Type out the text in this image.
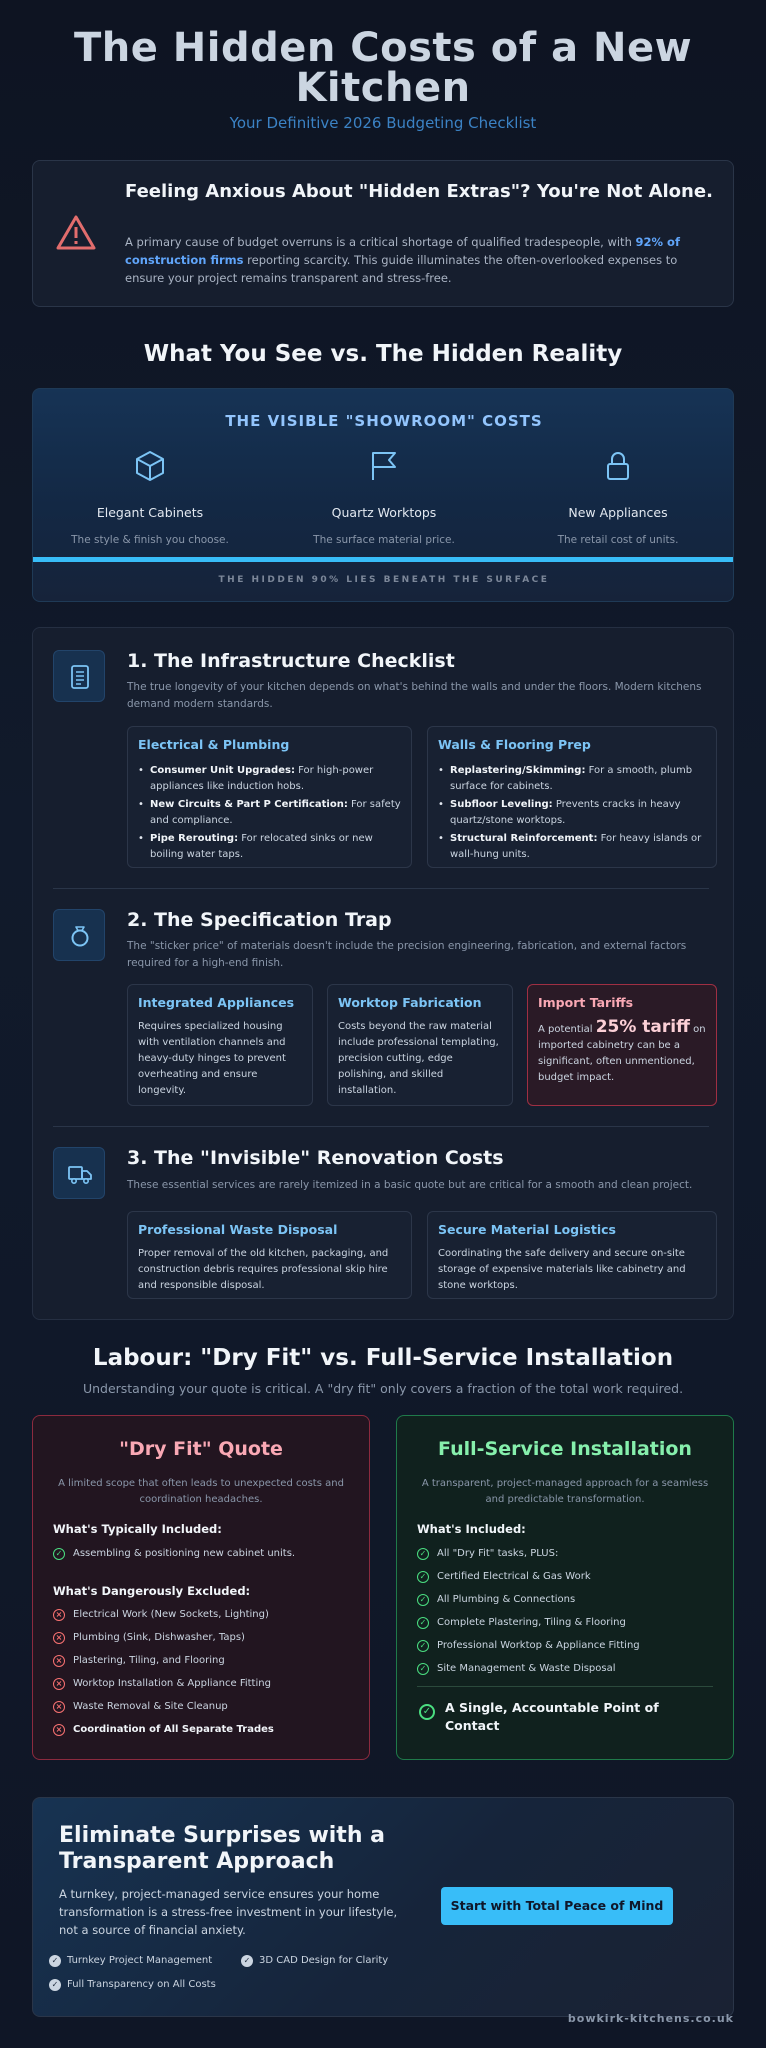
The Hidden Costs of a New
Kitchen
Your Definitive 2026 Budgeting Checklist
Feeling Anxious About "Hidden Extras"? You're Not Alone.

A primary cause of budget overruns is a critical shortage of qualified tradespeople, with 92% of construction firms reporting scarcity. This guide illuminates the often-overlooked expenses to ensure your project remains transparent and stress-free.

What You See vs. The Hidden Reality
THE VISIBLE "SHOWROOM" COSTS
Elegant Cabinets
The style & finish you choose.
Quartz Worktops
The surface material price.
New Appliances
The retail cost of units.
THE HIDDEN 90% LIES BENEATH THE SURFACE
1. The Infrastructure Checklist
The true longevity of your kitchen depends on what's behind the walls and under the floors. Modern kitchens demand modern standards.
Electrical & Plumbing
• Consumer Unit Upgrades: For high-power appliances like induction hobs.
• New Circuits & Part P Certification: For safety and compliance.
• Pipe Rerouting: For relocated sinks or new boiling water taps.
Walls & Flooring Prep
• Replastering/Skimming: For a smooth, plumb surface for cabinets.
• Subfloor Leveling: Prevents cracks in heavy quartz/stone worktops.
• Structural Reinforcement: For heavy islands or wall-hung units.
2. The Specification Trap
The "sticker price" of materials doesn't include the precision engineering, fabrication, and external factors required for a high-end finish.
Integrated Appliances

Requires specialized housing with ventilation channels and heavy-duty hinges to prevent overheating and ensure longevity.

Worktop Fabrication

Costs beyond the raw material include professional templating, precision cutting, edge polishing, and skilled installation.

Import Tariffs

A potential 25% tariff on imported cabinetry can be a significant, often unmentioned, budget impact.

3. The "Invisible" Renovation Costs
These essential services are rarely itemized in a basic quote but are critical for a smooth and clean project.
Professional Waste Disposal

Proper removal of the old kitchen, packaging, and construction debris requires professional skip hire and responsible disposal.

Secure Material Logistics

Coordinating the safe delivery and secure on-site storage of expensive materials like cabinetry and stone worktops.

Labour: "Dry Fit" vs. Full-Service Installation
Understanding your quote is critical. A "dry fit" only covers a fraction of the total work required.
"Dry Fit" Quote
A limited scope that often leads to unexpected costs and coordination headaches.
What's Typically Included:
✓ Assembling & positioning new cabinet units.
What's Dangerously Excluded:
× Electrical Work (New Sockets, Lighting)
× Plumbing (Sink, Dishwasher, Taps)
× Plastering, Tiling, and Flooring
× Worktop Installation & Appliance Fitting
× Waste Removal & Site Cleanup
× Coordination of All Separate Trades
Full-Service Installation
A transparent, project-managed approach for a seamless and predictable transformation.
What's Included:
✓ All "Dry Fit" tasks, PLUS:
✓ Certified Electrical & Gas Work
✓ All Plumbing & Connections
✓ Complete Plastering, Tiling & Flooring
✓ Professional Worktop & Appliance Fitting
✓ Site Management & Waste Disposal
✓	A Single, Accountable Point of Contact
Eliminate Surprises with a Transparent Approach

A turnkey, project-managed service ensures your home transformation is a stress-free investment in your lifestyle, not a source of financial anxiety.

Start with Total Peace of Mind
✓ Turnkey Project Management	✓ 3D CAD Design for Clarity
✓ Full Transparency on All Costs
bowkirk-kitchens.co.uk
